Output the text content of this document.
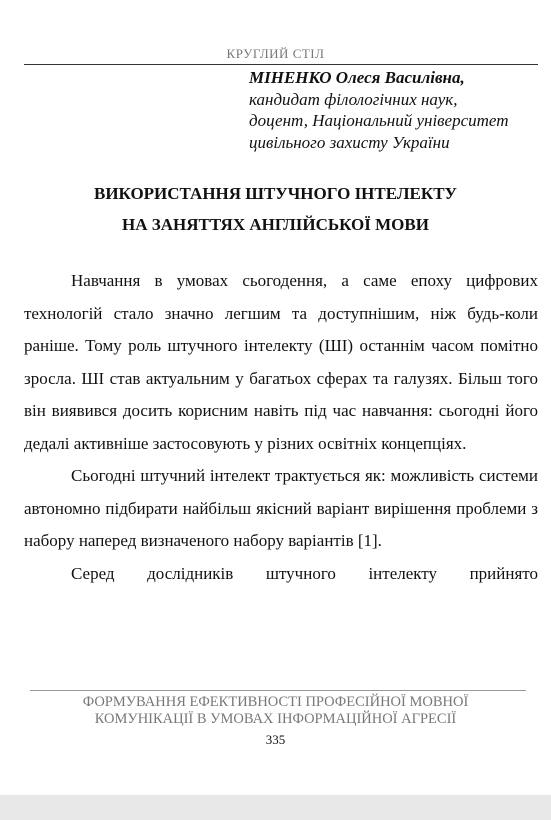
КРУГЛИЙ СТІЛ
МІНЕНКО Олеся Василівна,
кандидат філологічних наук,
доцент, Національний університет
цивільного захисту України
ВИКОРИСТАННЯ ШТУЧНОГО ІНТЕЛЕКТУ
НА ЗАНЯТТЯХ АНГЛІЙСЬКОЇ МОВИ

Навчання в умовах сьогодення, а саме епоху цифрових технологій стало значно легшим та доступнішим, ніж будь-коли раніше. Тому роль штучного інтелекту (ШІ) останнім часом помітно зросла. ШІ став актуальним у багатьох сферах та галузях. Більш того він виявився досить корисним навіть під час навчання: сьогодні його дедалі активніше застосовують у різних освітніх концепціях.

Сьогодні штучний інтелект трактується як: можливість системи автономно підбирати найбільш якісний варіант вирішення проблеми з набору наперед визначеного набору варіантів [1].

Серед дослідників штучного інтелекту прийнято

ФОРМУВАННЯ ЕФЕКТИВНОСТІ ПРОФЕСІЙНОЇ МОВНОЇ
КОМУНІКАЦІЇ В УМОВАХ ІНФОРМАЦІЙНОЇ АГРЕСІЇ
335
